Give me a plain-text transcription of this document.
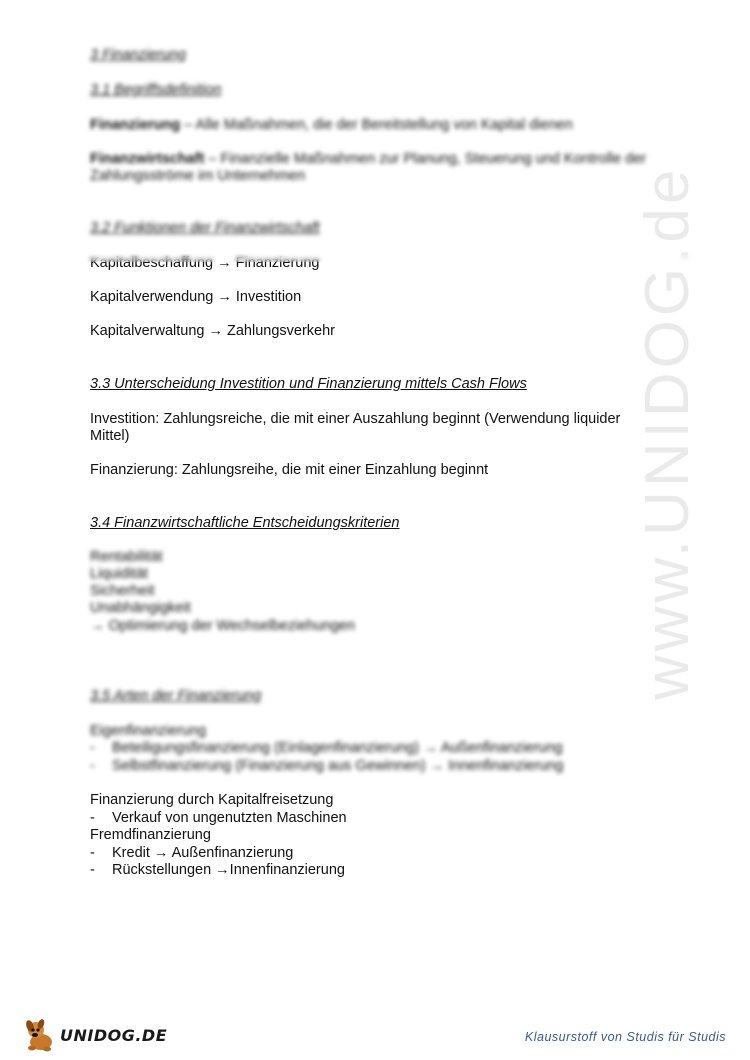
www.UNIDOG.de
3 Finanzierung
3.1 Begriffsdefinition
Finanzierung – Alle Maßnahmen, die der Bereitstellung von Kapital dienen
Finanzwirtschaft – Finanzielle Maßnahmen zur Planung, Steuerung und Kontrolle der
Zahlungsströme im Unternehmen
3.2 Funktionen der Finanzwirtschaft
Kapitalbeschaffung → Finanzierung
Kapitalverwendung → Investition
Kapitalverwaltung → Zahlungsverkehr
3.3 Unterscheidung Investition und Finanzierung mittels Cash Flows
Investition: Zahlungsreiche, die mit einer Auszahlung beginnt (Verwendung liquider
Mittel)
Finanzierung: Zahlungsreihe, die mit einer Einzahlung beginnt
3.4 Finanzwirtschaftliche Entscheidungskriterien
Rentabilität
Liquidität
Sicherheit
Unabhängigkeit
→ Optimierung der Wechselbeziehungen
3.5 Arten der Finanzierung
Eigenfinanzierung
- Beteiligungsfinanzierung (Einlagenfinanzierung) → Außenfinanzierung
- Selbstfinanzierung (Finanzierung aus Gewinnen) → Innenfinanzierung
Finanzierung durch Kapitalfreisetzung
- Verkauf von ungenutzten Maschinen
Fremdfinanzierung
- Kredit → Außenfinanzierung
- Rückstellungen →Innenfinanzierung
UNIDOG.DE	Klausurstoff von Studis für Studis
